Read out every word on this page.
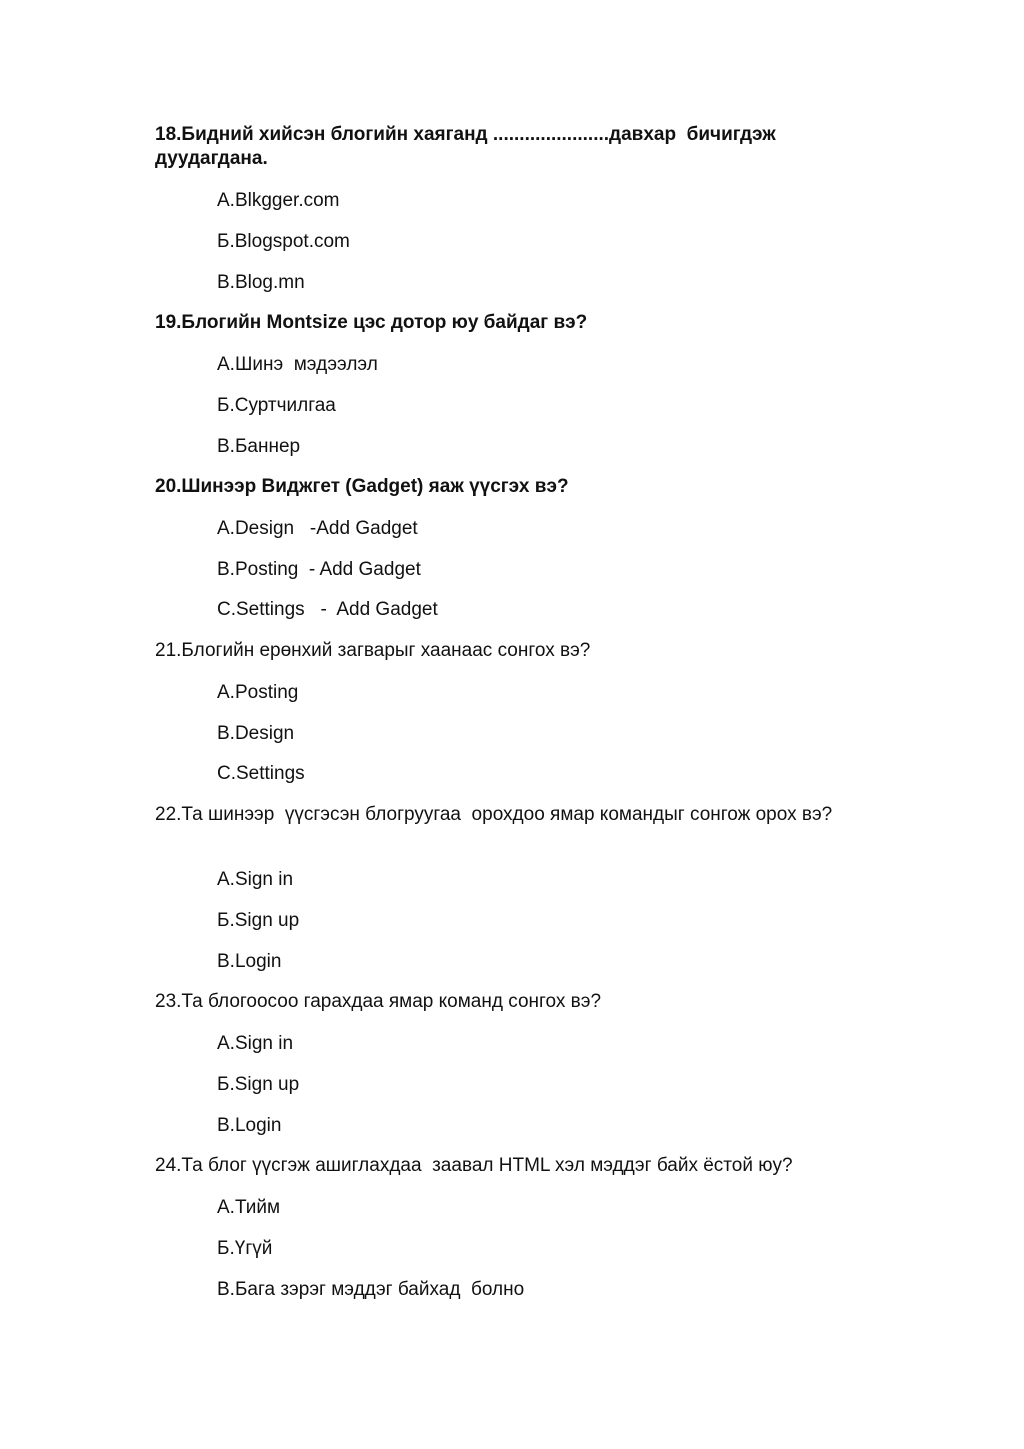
18.Бидний хийсэн блогийн хаяганд ......................давхар  бичигдэж дуудагдана.

А.Blkgger.com

Б.Blogspot.com

В.Blog.mn

19.Блогийн Montsize цэс дотор юу байдаг вэ?

А.Шинэ  мэдээлэл

Б.Суртчилгаа

В.Баннер

20.Шинээр Виджгет (Gadget) яаж үүсгэх вэ?

A.Design   -Add Gadget

B.Posting  - Add Gadget

C.Settings   -  Add Gadget

21.Блогийн ерөнхий загварыг хаанаас сонгох вэ?

A.Posting

B.Design

C.Settings

22.Та шинээр  үүсгэсэн блогруугаа  орохдоо ямар командыг сонгож орох вэ?

А.Sign in

Б.Sign up

В.Login

23.Та блогоосоо гарахдаа ямар команд сонгох вэ?

А.Sign in

Б.Sign up

В.Login

24.Та блог үүсгэж ашиглахдаа  заавал HTML хэл мэддэг байх ёстой юу?

А.Тийм

Б.Үгүй

В.Бага зэрэг мэддэг байхад  болно
